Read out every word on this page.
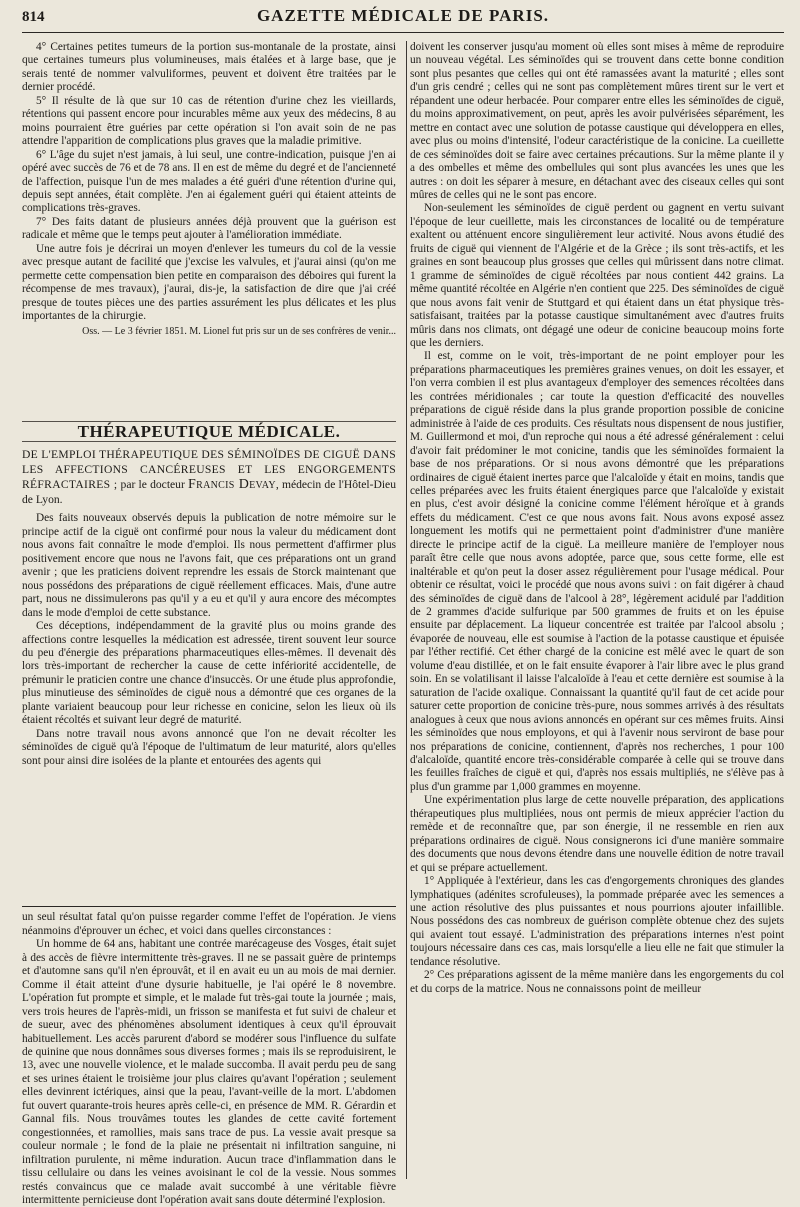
814	GAZETTE MÉDICALE DE PARIS.

4° Certaines petites tumeurs de la portion sus-montanale de la prostate, ainsi que certaines tumeurs plus volumineuses, mais étalées et à large base, que je serais tenté de nommer valvuliformes, peuvent et doivent être traitées par le dernier procédé.

5° Il résulte de là que sur 10 cas de rétention d'urine chez les vieillards, rétentions qui passent encore pour incurables même aux yeux des médecins, 8 au moins pourraient être guéries par cette opération si l'on avait soin de ne pas attendre l'apparition de complications plus graves que la maladie primitive.

6° L'âge du sujet n'est jamais, à lui seul, une contre-indication, puisque j'en ai opéré avec succès de 76 et de 78 ans. Il en est de même du degré et de l'ancienneté de l'affection, puisque l'un de mes malades a été guéri d'une rétention d'urine qui, depuis sept années, était complète. J'en ai également guéri qui étaient atteints de complications très-graves.

7° Des faits datant de plusieurs années déjà prouvent que la guérison est radicale et même que le temps peut ajouter à l'amélioration immédiate.

Une autre fois je décrirai un moyen d'enlever les tumeurs du col de la vessie avec presque autant de facilité que j'excise les valvules, et j'aurai ainsi (qu'on me permette cette compensation bien petite en comparaison des déboires qui furent la récompense de mes travaux), j'aurai, dis-je, la satisfaction de dire que j'ai créé presque de toutes pièces une des parties assurément les plus délicates et les plus importantes de la chirurgie.

Oss. — Le 3 février 1851. M. Lionel fut pris sur un de ses confrères de venir...

THÉRAPEUTIQUE MÉDICALE.
DE L'EMPLOI THÉRAPEUTIQUE DES SÉMINOÏDES DE CIGUË DANS LES AFFECTIONS CANCÉREUSES ET LES ENGORGEMENTS RÉFRACTAIRES ; par le docteur Francis Devay, médecin de l'Hôtel-Dieu de Lyon.

Des faits nouveaux observés depuis la publication de notre mémoire sur le principe actif de la ciguë ont confirmé pour nous la valeur du médicament dont nous avons fait connaître le mode d'emploi. Ils nous permettent d'affirmer plus positivement encore que nous ne l'avons fait, que ces préparations ont un grand avenir ; que les praticiens doivent reprendre les essais de Storck maintenant que nous possédons des préparations de ciguë réellement efficaces. Mais, d'une autre part, nous ne dissimulerons pas qu'il y a eu et qu'il y aura encore des mécomptes dans le mode d'emploi de cette substance.

Ces déceptions, indépendamment de la gravité plus ou moins grande des affections contre lesquelles la médication est adressée, tirent souvent leur source du peu d'énergie des préparations pharmaceutiques elles-mêmes. Il devenait dès lors très-important de rechercher la cause de cette infériorité accidentelle, de prémunir le praticien contre une chance d'insuccès. Or une étude plus approfondie, plus minutieuse des séminoïdes de ciguë nous a démontré que ces organes de la plante variaient beaucoup pour leur richesse en conicine, selon les lieux où ils étaient récoltés et suivant leur degré de maturité.

Dans notre travail nous avons annoncé que l'on ne devait récolter les séminoïdes de ciguë qu'à l'époque de l'ultimatum de leur maturité, alors qu'elles sont pour ainsi dire isolées de la plante et entourées des agents qui

un seul résultat fatal qu'on puisse regarder comme l'effet de l'opération. Je viens néanmoins d'éprouver un échec, et voici dans quelles circonstances :

Un homme de 64 ans, habitant une contrée marécageuse des Vosges, était sujet à des accès de fièvre intermittente très-graves. Il ne se passait guère de printemps et d'automne sans qu'il n'en éprouvât, et il en avait eu un au mois de mai dernier. Comme il était atteint d'une dysurie habituelle, je l'ai opéré le 8 novembre. L'opération fut prompte et simple, et le malade fut très-gai toute la journée ; mais, vers trois heures de l'après-midi, un frisson se manifesta et fut suivi de chaleur et de sueur, avec des phénomènes absolument identiques à ceux qu'il éprouvait habituellement. Les accès parurent d'abord se modérer sous l'influence du sulfate de quinine que nous donnâmes sous diverses formes ; mais ils se reproduisirent, le 13, avec une nouvelle violence, et le malade succomba. Il avait perdu peu de sang et ses urines étaient le troisième jour plus claires qu'avant l'opération ; seulement elles devinrent ictériques, ainsi que la peau, l'avant-veille de la mort. L'abdomen fut ouvert quarante-trois heures après celle-ci, en présence de MM. R. Gérardin et Gannal fils. Nous trouvâmes toutes les glandes de cette cavité fortement congestionnées, et ramollies, mais sans trace de pus. La vessie avait presque sa couleur normale ; le fond de la plaie ne présentait ni infiltration sanguine, ni infiltration purulente, ni même induration. Aucun trace d'inflammation dans le tissu cellulaire ou dans les veines avoisinant le col de la vessie. Nous sommes restés convaincus que ce malade avait succombé à une véritable fièvre intermittente pernicieuse dont l'opération avait sans doute déterminé l'explosion.

doivent les conserver jusqu'au moment où elles sont mises à même de reproduire un nouveau végétal. Les séminoïdes qui se trouvent dans cette bonne condition sont plus pesantes que celles qui ont été ramassées avant la maturité ; elles sont d'un gris cendré ; celles qui ne sont pas complètement mûres tirent sur le vert et répandent une odeur herbacée. Pour comparer entre elles les séminoïdes de ciguë, du moins approximativement, on peut, après les avoir pulvérisées séparément, les mettre en contact avec une solution de potasse caustique qui développera en elles, avec plus ou moins d'intensité, l'odeur caractéristique de la conicine. La cueillette de ces séminoïdes doit se faire avec certaines précautions. Sur la même plante il y a des ombelles et même des ombellules qui sont plus avancées les unes que les autres : on doit les séparer à mesure, en détachant avec des ciseaux celles qui sont mûres de celles qui ne le sont pas encore.

Non-seulement les séminoïdes de ciguë perdent ou gagnent en vertu suivant l'époque de leur cueillette, mais les circonstances de localité ou de température exaltent ou atténuent encore singulièrement leur activité. Nous avons étudié des fruits de ciguë qui viennent de l'Algérie et de la Grèce ; ils sont très-actifs, et les graines en sont beaucoup plus grosses que celles qui mûrissent dans notre climat. 1 gramme de séminoïdes de ciguë récoltées par nous contient 442 grains. La même quantité récoltée en Algérie n'en contient que 225. Des séminoïdes de ciguë que nous avons fait venir de Stuttgard et qui étaient dans un état physique très-satisfaisant, traitées par la potasse caustique simultanément avec d'autres fruits mûris dans nos climats, ont dégagé une odeur de conicine beaucoup moins forte que les derniers.

Il est, comme on le voit, très-important de ne point employer pour les préparations pharmaceutiques les premières graines venues, on doit les essayer, et l'on verra combien il est plus avantageux d'employer des semences récoltées dans les contrées méridionales ; car toute la question d'efficacité des nouvelles préparations de ciguë réside dans la plus grande proportion possible de conicine administrée à l'aide de ces produits. Ces résultats nous dispensent de nous justifier, M. Guillermond et moi, d'un reproche qui nous a été adressé généralement : celui d'avoir fait prédominer le mot conicine, tandis que les séminoïdes formaient la base de nos préparations. Or si nous avons démontré que les préparations ordinaires de ciguë étaient inertes parce que l'alcaloïde y était en moins, tandis que celles préparées avec les fruits étaient énergiques parce que l'alcaloïde y existait en plus, c'est avoir désigné la conicine comme l'élément héroïque et à grands effets du médicament. C'est ce que nous avons fait. Nous avons exposé assez longuement les motifs qui ne permettaient point d'administrer d'une manière directe le principe actif de la ciguë. La meilleure manière de l'employer nous paraît être celle que nous avons adoptée, parce que, sous cette forme, elle est inaltérable et qu'on peut la doser assez régulièrement pour l'usage médical. Pour obtenir ce résultat, voici le procédé que nous avons suivi : on fait digérer à chaud des séminoïdes de ciguë dans de l'alcool à 28°, légèrement acidulé par l'addition de 2 grammes d'acide sulfurique par 500 grammes de fruits et on les épuise ensuite par déplacement. La liqueur concentrée est traitée par l'alcool absolu ; évaporée de nouveau, elle est soumise à l'action de la potasse caustique et épuisée par l'éther rectifié. Cet éther chargé de la conicine est mêlé avec le quart de son volume d'eau distillée, et on le fait ensuite évaporer à l'air libre avec le plus grand soin. En se volatilisant il laisse l'alcaloïde à l'eau et cette dernière est soumise à la saturation de l'acide oxalique. Connaissant la quantité qu'il faut de cet acide pour saturer cette proportion de conicine très-pure, nous sommes arrivés à des résultats analogues à ceux que nous avions annoncés en opérant sur ces mêmes fruits. Ainsi les séminoïdes que nous employons, et qui à l'avenir nous serviront de base pour nos préparations de conicine, contiennent, d'après nos recherches, 1 pour 100 d'alcaloïde, quantité encore très-considérable comparée à celle qui se trouve dans les feuilles fraîches de ciguë et qui, d'après nos essais multipliés, ne s'élève pas à plus d'un gramme par 1,000 grammes en moyenne.

Une expérimentation plus large de cette nouvelle préparation, des applications thérapeutiques plus multipliées, nous ont permis de mieux apprécier l'action du remède et de reconnaître que, par son énergie, il ne ressemble en rien aux préparations ordinaires de ciguë. Nous consignerons ici d'une manière sommaire des documents que nous devons étendre dans une nouvelle édition de notre travail et qui se prépare actuellement.

1° Appliquée à l'extérieur, dans les cas d'engorgements chroniques des glandes lymphatiques (adénites scrofuleuses), la pommade préparée avec les semences a une action résolutive des plus puissantes et nous pourrions ajouter infaillible. Nous possédons des cas nombreux de guérison complète obtenue chez des sujets qui avaient tout essayé. L'administration des préparations internes n'est point toujours nécessaire dans ces cas, mais lorsqu'elle a lieu elle ne fait que stimuler la tendance résolutive.

2° Ces préparations agissent de la même manière dans les engorgements du col et du corps de la matrice. Nous ne connaissons point de meilleur
